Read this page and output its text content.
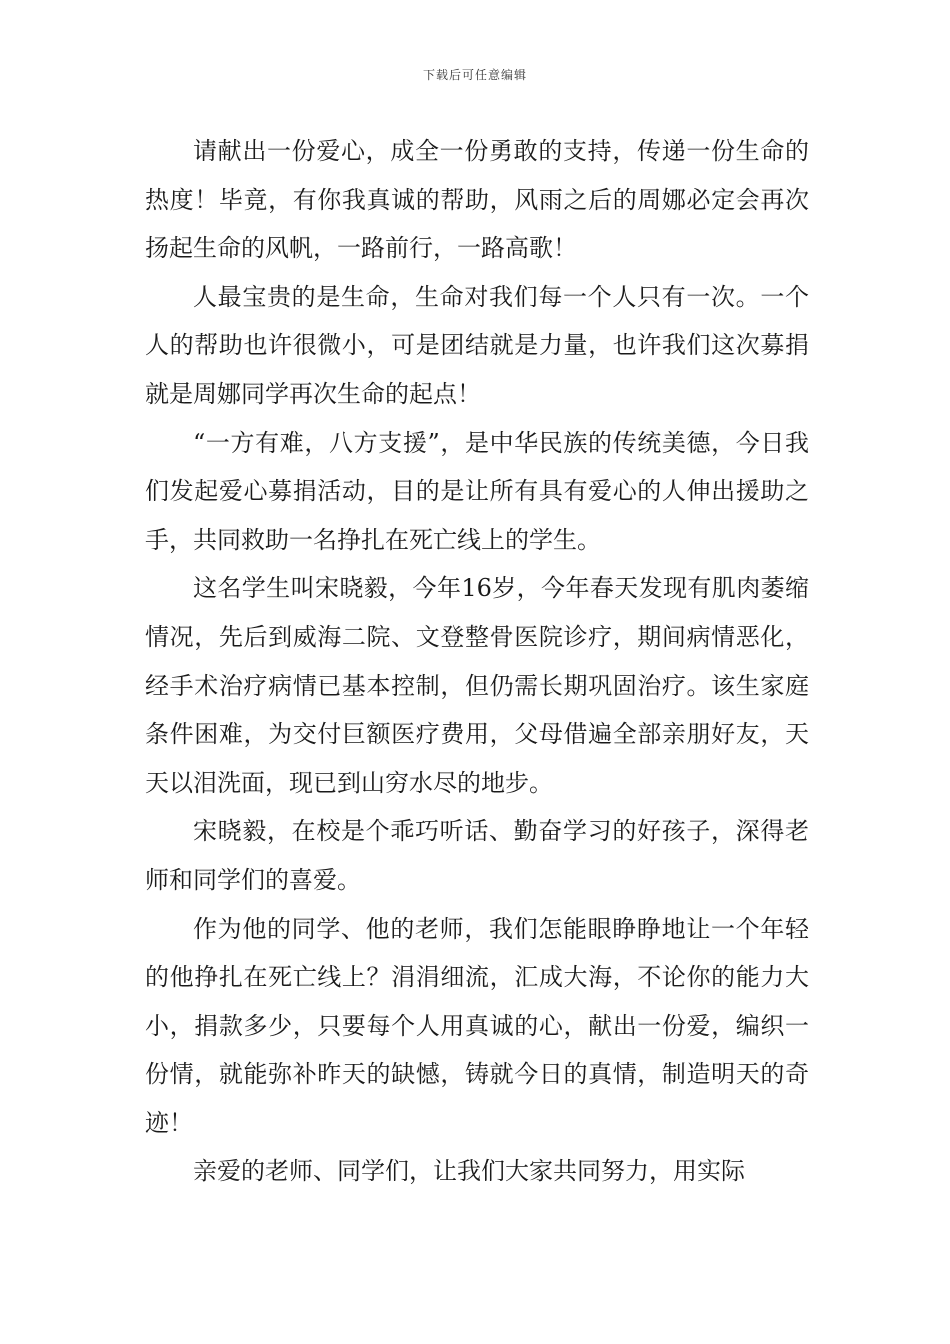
下载后可任意编辑

请献出一份爱心，成全一份勇敢的支持，传递一份生命的热度！毕竟，有你我真诚的帮助，风雨之后的周娜必定会再次扬起生命的风帆，一路前行，一路高歌！

人最宝贵的是生命，生命对我们每一个人只有一次。一个人的帮助也许很微小，可是团结就是力量，也许我们这次募捐就是周娜同学再次生命的起点！

“一方有难，八方支援”，是中华民族的传统美德，今日我们发起爱心募捐活动，目的是让所有具有爱心的人伸出援助之手，共同救助一名挣扎在死亡线上的学生。

这名学生叫宋晓毅，今年16岁，今年春天发现有肌肉萎缩情况，先后到威海二院、文登整骨医院诊疗，期间病情恶化，经手术治疗病情已基本控制，但仍需长期巩固治疗。该生家庭条件困难，为交付巨额医疗费用，父母借遍全部亲朋好友，天天以泪洗面，现已到山穷水尽的地步。

宋晓毅，在校是个乖巧听话、勤奋学习的好孩子，深得老师和同学们的喜爱。

作为他的同学、他的老师，我们怎能眼睁睁地让一个年轻的他挣扎在死亡线上？涓涓细流，汇成大海，不论你的能力大小，捐款多少，只要每个人用真诚的心，献出一份爱，编织一份情，就能弥补昨天的缺憾，铸就今日的真情，制造明天的奇迹！

亲爱的老师、同学们，让我们大家共同努力，用实际
